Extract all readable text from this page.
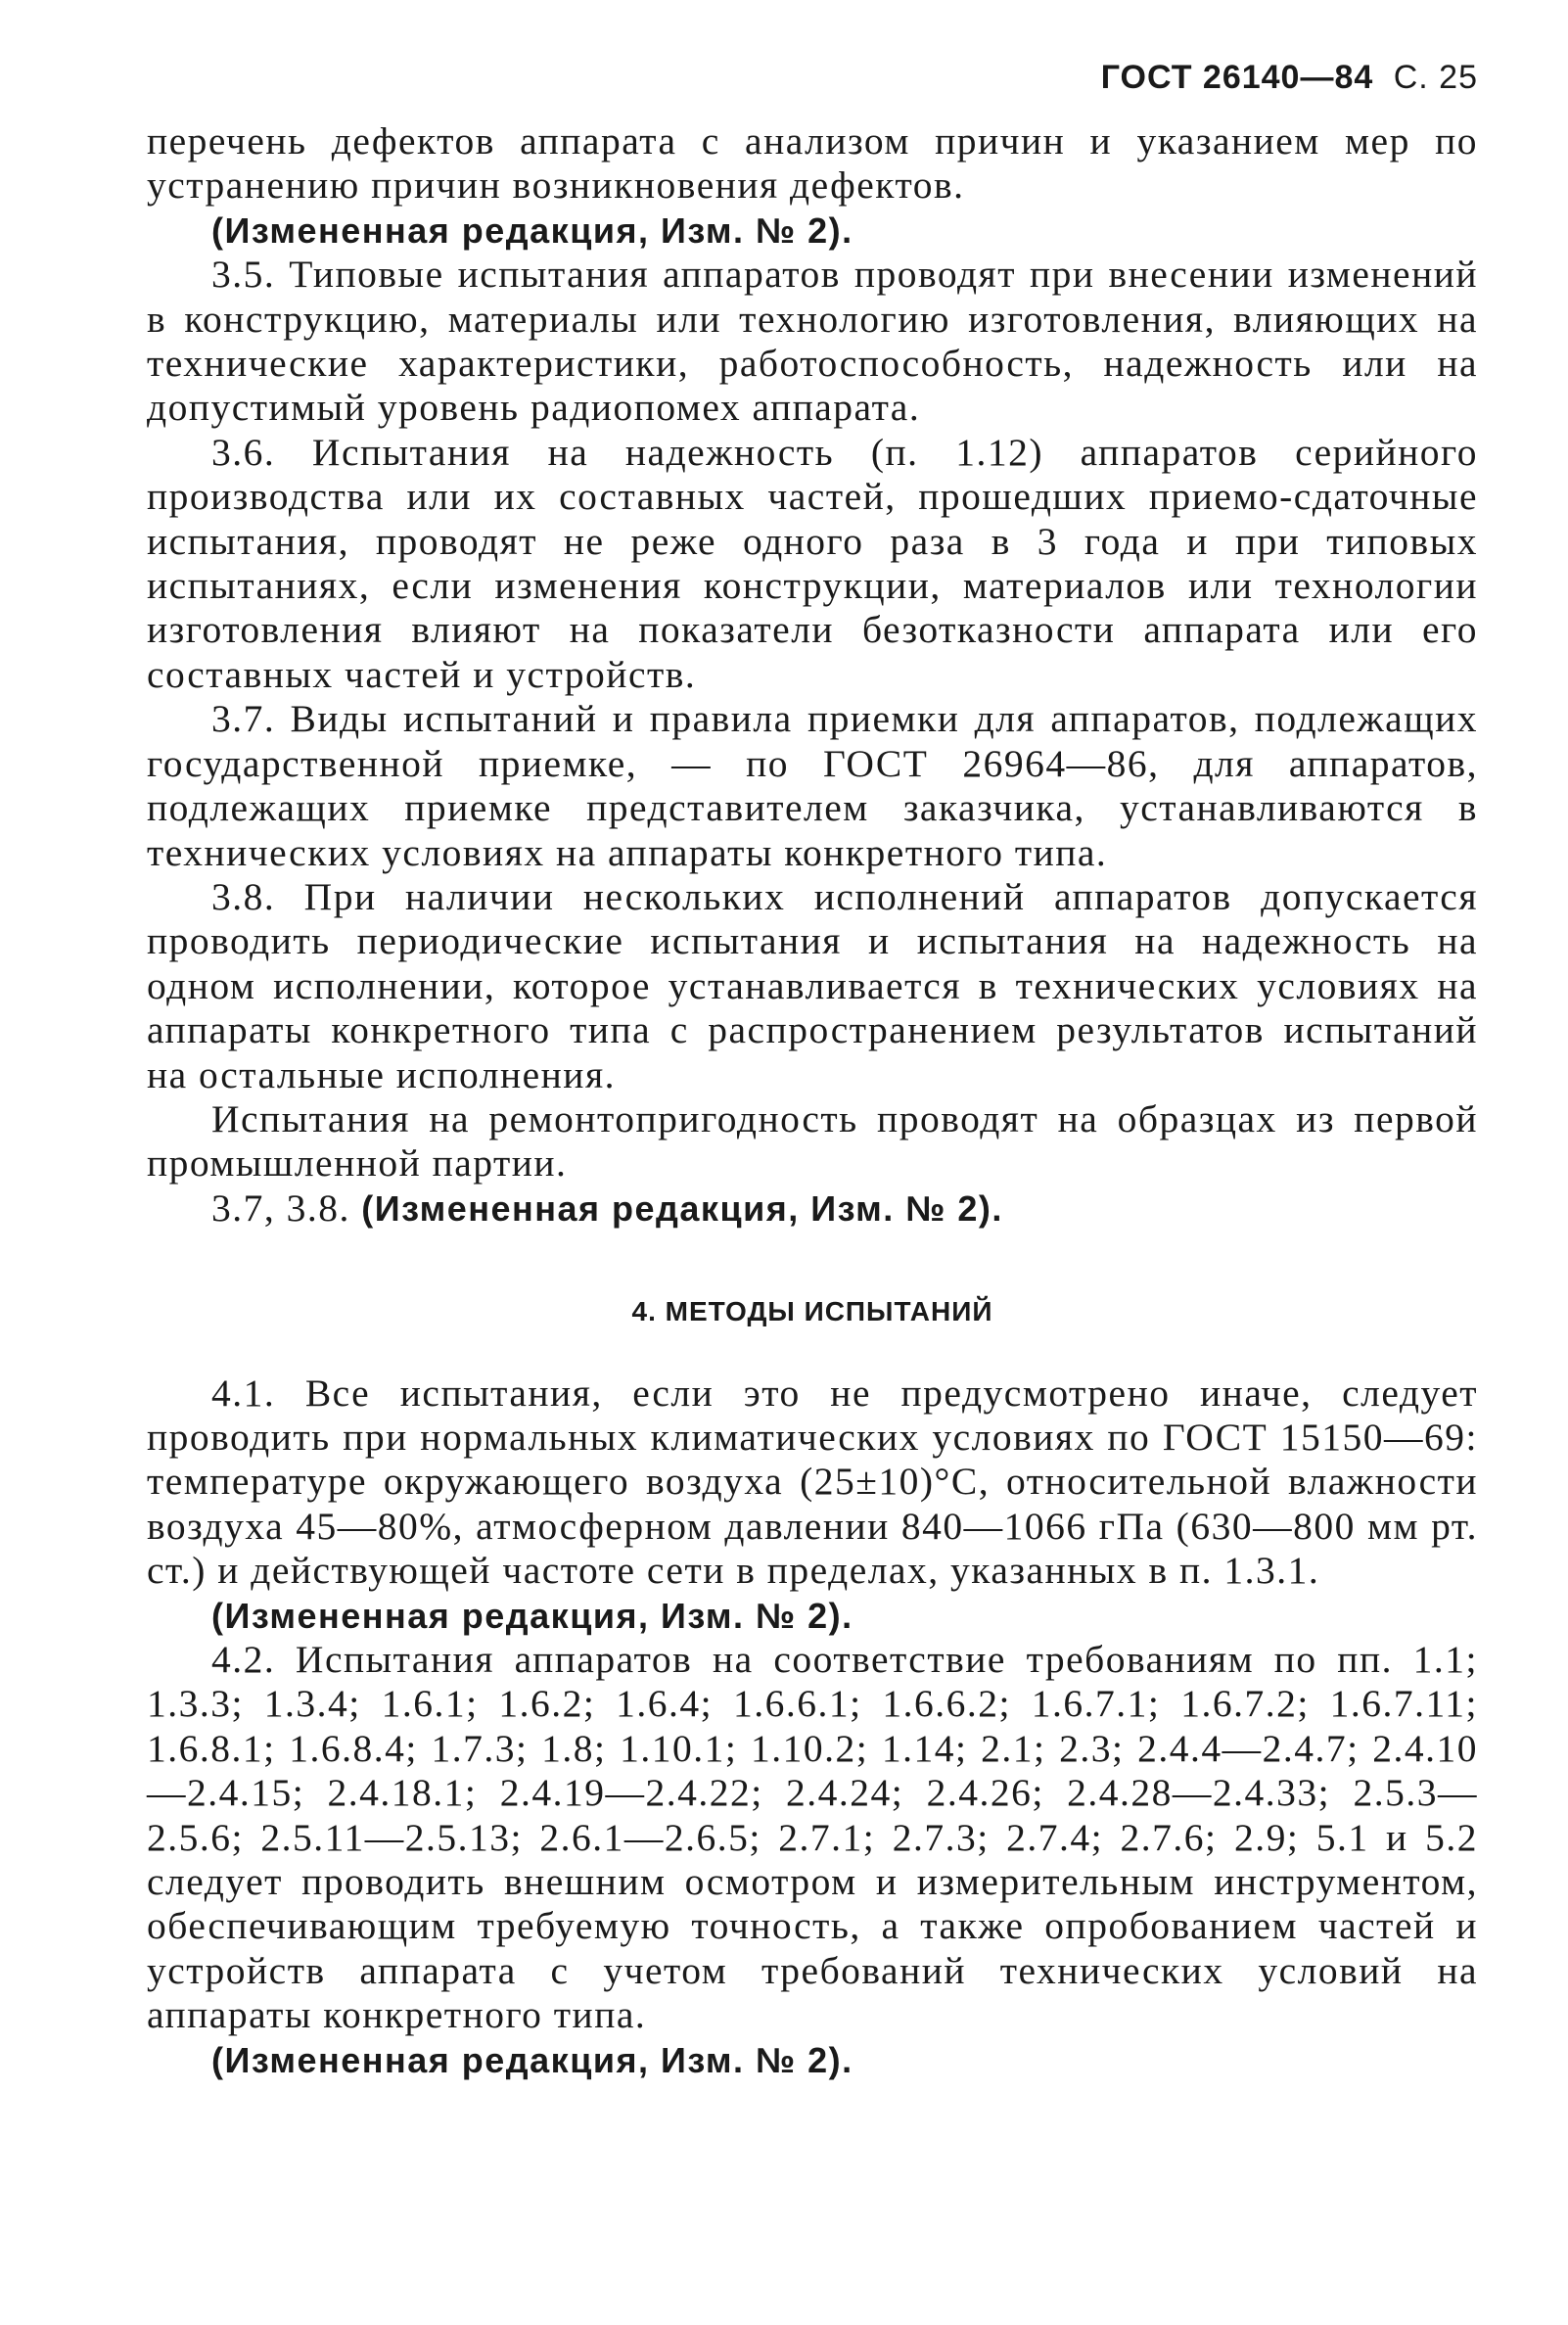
ГОСТ 26140—84 С. 25

перечень дефектов аппарата с анализом причин и указанием мер по устранению причин возникновения дефектов.

(Измененная редакция, Изм. № 2).

3.5. Типовые испытания аппаратов проводят при внесении изменений в конструкцию, материалы или технологию изготовления, влияющих на технические характеристики, работоспособность, надежность или на допустимый уровень радиопомех аппарата.

3.6. Испытания на надежность (п. 1.12) аппаратов серийного производства или их составных частей, прошедших приемо-сдаточные испытания, проводят не реже одного раза в 3 года и при типовых испытаниях, если изменения конструкции, материалов или технологии изготовления влияют на показатели безотказности аппарата или его составных частей и устройств.

3.7. Виды испытаний и правила приемки для аппаратов, подлежащих государственной приемке, — по ГОСТ 26964—86, для аппаратов, подлежащих приемке представителем заказчика, устанавливаются в технических условиях на аппараты конкретного типа.

3.8. При наличии нескольких исполнений аппаратов допускается проводить периодические испытания и испытания на надежность на одном исполнении, которое устанавливается в технических условиях на аппараты конкретного типа с распространением результатов испытаний на остальные исполнения.

Испытания на ремонтопригодность проводят на образцах из первой промышленной партии.

3.7, 3.8. (Измененная редакция, Изм. № 2).

4. МЕТОДЫ ИСПЫТАНИЙ

4.1. Все испытания, если это не предусмотрено иначе, следует проводить при нормальных климатических условиях по ГОСТ 15150—69: температуре окружающего воздуха (25±10)°С, относительной влажности воздуха 45—80%, атмосферном давлении 840—1066 гПа (630—800 мм рт. ст.) и действующей частоте сети в пределах, указанных в п. 1.3.1.

(Измененная редакция, Изм. № 2).

4.2. Испытания аппаратов на соответствие требованиям по пп. 1.1; 1.3.3; 1.3.4; 1.6.1; 1.6.2; 1.6.4; 1.6.6.1; 1.6.6.2; 1.6.7.1; 1.6.7.2; 1.6.7.11; 1.6.8.1; 1.6.8.4; 1.7.3; 1.8; 1.10.1; 1.10.2; 1.14; 2.1; 2.3; 2.4.4—2.4.7; 2.4.10—2.4.15; 2.4.18.1; 2.4.19—2.4.22; 2.4.24; 2.4.26; 2.4.28—2.4.33; 2.5.3—2.5.6; 2.5.11—2.5.13; 2.6.1—2.6.5; 2.7.1; 2.7.3; 2.7.4; 2.7.6; 2.9; 5.1 и 5.2 следует проводить внешним осмотром и измерительным инструментом, обеспечивающим требуемую точность, а также опробованием частей и устройств аппарата с учетом требований технических условий на аппараты конкретного типа.

(Измененная редакция, Изм. № 2).
